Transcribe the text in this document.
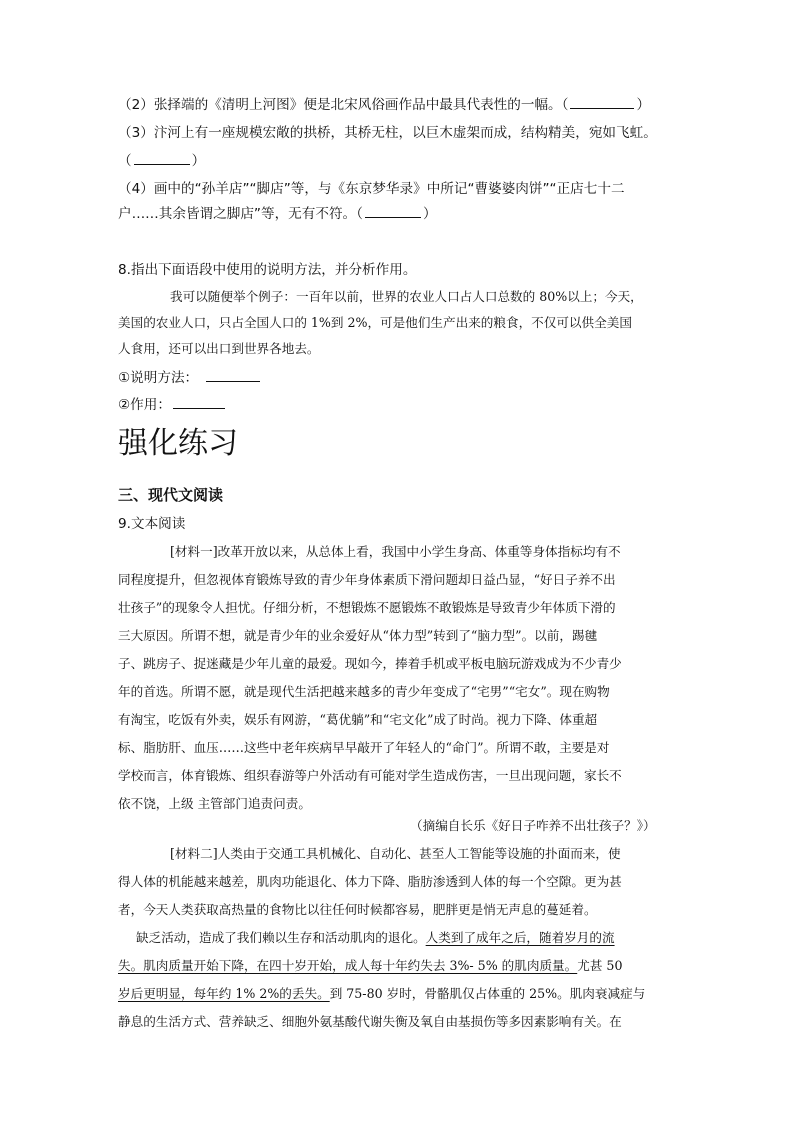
（2）张择端的《清明上河图》便是北宋风俗画作品中最具代表性的一幅。（	）
（3）汴河上有一座规模宏敞的拱桥，其桥无柱，以巨木虚架而成，结构精美，宛如飞虹。
（	）
（4）画中的“孙羊店”“脚店”等，与《东京梦华录》中所记“曹婆婆肉饼”“正店七十二
户……其余皆谓之脚店”等，无有不符。（	）
8.指出下面语段中使用的说明方法，并分析作用。
我可以随便举个例子：一百年以前，世界的农业人口占人口总数的 80%以上；今天，
美国的农业人口，只占全国人口的 1%到 2%，可是他们生产出来的粮食，不仅可以供全美国
人食用，还可以出口到世界各地去。
①说明方法：
②作用：
强化练习
三、现代文阅读
9.文本阅读
[材料一]改革开放以来，从总体上看，我国中小学生身高、体重等身体指标均有不
同程度提升，但忽视体育锻炼导致的青少年身体素质下滑问题却日益凸显，“好日子养不出
壮孩子”的现象令人担忧。仔细分析，不想锻炼不愿锻炼不敢锻炼是导致青少年体质下滑的
三大原因。所谓不想，就是青少年的业余爱好从“体力型”转到了“脑力型”。以前，踢毽
子、跳房子、捉迷藏是少年儿童的最爱。现如今，捧着手机或平板电脑玩游戏成为不少青少
年的首选。所谓不愿，就是现代生活把越来越多的青少年变成了“宅男”“宅女”。现在购物
有淘宝，吃饭有外卖，娱乐有网游，“葛优躺”和“宅文化”成了时尚。视力下降、体重超
标、脂肪肝、血压……这些中老年疾病早早敲开了年轻人的“命门”。所谓不敢，主要是对
学校而言，体育锻炼、组织春游等户外活动有可能对学生造成伤害，一旦出现问题，家长不
依不饶，上级 主管部门追责问责。
（摘编自长乐《好日子咋养不出壮孩子？》）
[材料二]人类由于交通工具机械化、自动化、甚至人工智能等设施的扑面而来，使
得人体的机能越来越差，肌肉功能退化、体力下降、脂肪渗透到人体的每一个空隙。更为甚
者，今天人类获取高热量的食物比以往任何时候都容易，肥胖更是悄无声息的蔓延着。
缺乏活动，造成了我们赖以生存和活动肌肉的退化。人类到了成年之后，随着岁月的流
失。肌肉质量开始下降，在四十岁开始，成人每十年约失去 3%- 5% 的肌肉质量。尤甚 50
岁后更明显，每年约 1% 2%的丢失。到 75-80 岁时，骨骼肌仅占体重的 25%。肌肉衰减症与
静息的生活方式、营养缺乏、细胞外氨基酸代谢失衡及氧自由基损伤等多因素影响有关。在
